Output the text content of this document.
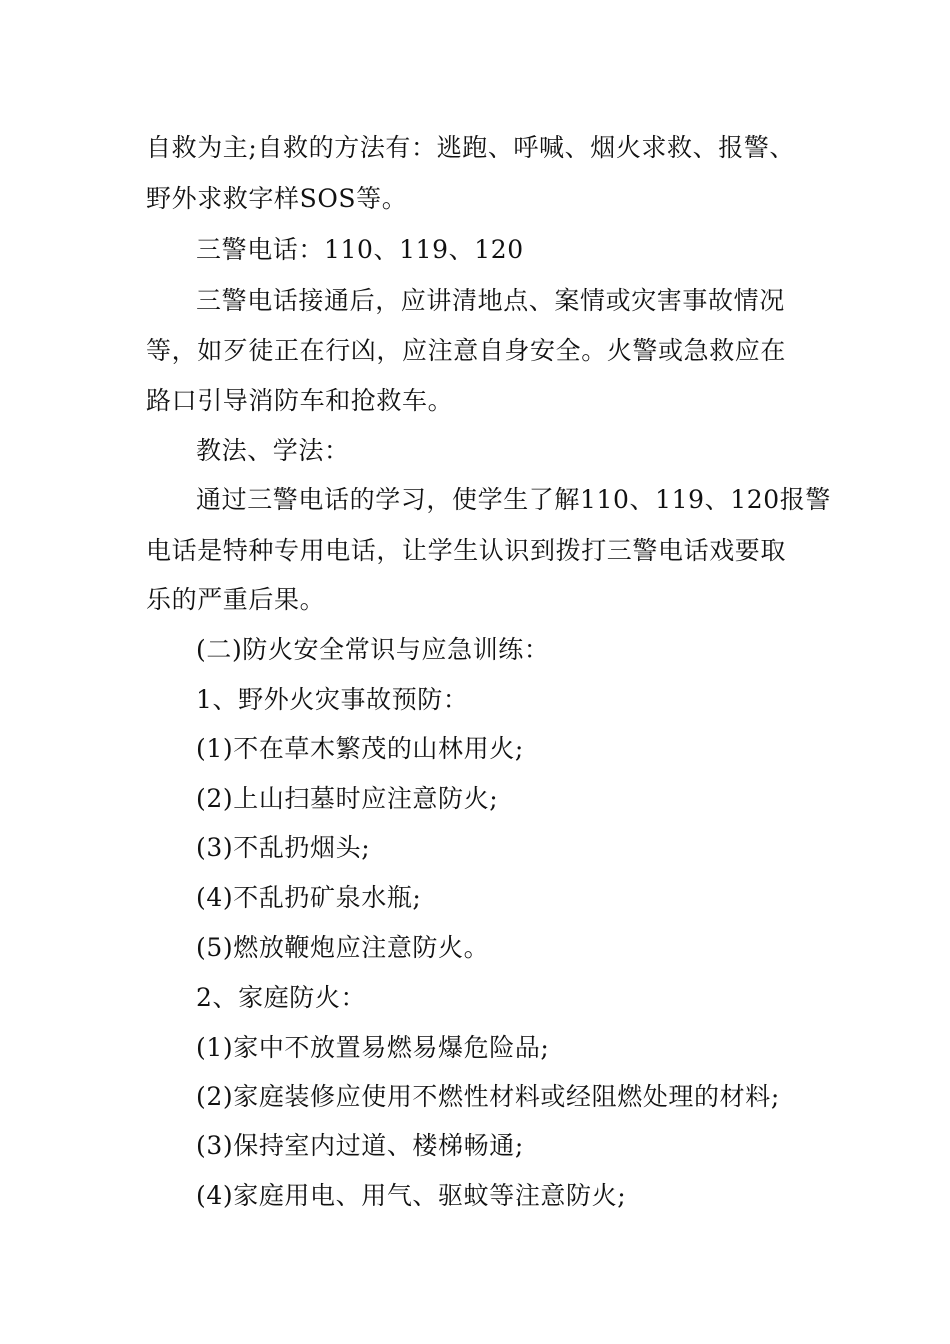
自救为主;自救的方法有：逃跑、呼喊、烟火求救、报警、
野外求救字样SOS等。
三警电话：110、119、120
三警电话接通后，应讲清地点、案情或灾害事故情况
等，如歹徒正在行凶，应注意自身安全。火警或急救应在
路口引导消防车和抢救车。
教法、学法：
通过三警电话的学习，使学生了解110、119、120报警
电话是特种专用电话，让学生认识到拨打三警电话戏要取
乐的严重后果。
(二)防火安全常识与应急训练：
1、野外火灾事故预防：
(1)不在草木繁茂的山林用火;
(2)上山扫墓时应注意防火;
(3)不乱扔烟头;
(4)不乱扔矿泉水瓶;
(5)燃放鞭炮应注意防火。
2、家庭防火：
(1)家中不放置易燃易爆危险品;
(2)家庭装修应使用不燃性材料或经阻燃处理的材料;
(3)保持室内过道、楼梯畅通;
(4)家庭用电、用气、驱蚊等注意防火;
